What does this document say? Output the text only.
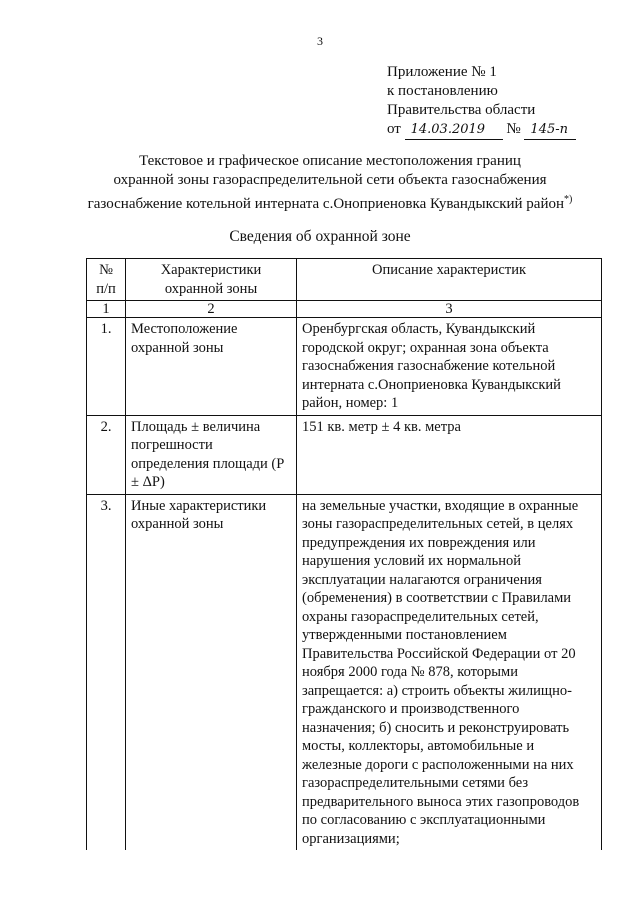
3
Приложение № 1
к постановлению
Правительства области
от 14.03.2019 № 145-п
Текстовое и графическое описание местоположения границ
охранной зоны газораспределительной сети объекта газоснабжения
газоснабжение котельной интерната с.Оноприеновка Кувандыкский район*)
Сведения об охранной зоне
№ п/п	Характеристики охранной зоны	Описание характеристик
1	2	3
1.	Местоположение охранной зоны	Оренбургская область, Кувандыкский городской округ; охранная зона объекта газоснабжения газоснабжение котельной интерната с.Оноприеновка Кувандыкский район, номер: 1
2.	Площадь ± величина погрешности определения площади (P ± ΔP)	151 кв. метр ± 4 кв. метра
3.	Иные характеристики охранной зоны	на земельные участки, входящие в охранные зоны газораспределительных сетей, в целях предупреждения их повреждения или нарушения условий их нормальной эксплуатации налагаются ограничения (обременения) в соответствии с Правилами охраны газораспределительных сетей, утвержденными постановлением Правительства Российской Федерации от 20 ноября 2000 года № 878, которыми запрещается: а) строить объекты жилищно-гражданского и производственного назначения; б) сносить и реконструировать мосты, коллекторы, автомобильные и железные дороги с расположенными на них газораспределительными сетями без предварительного выноса этих газопроводов по согласованию с эксплуатационными организациями;
